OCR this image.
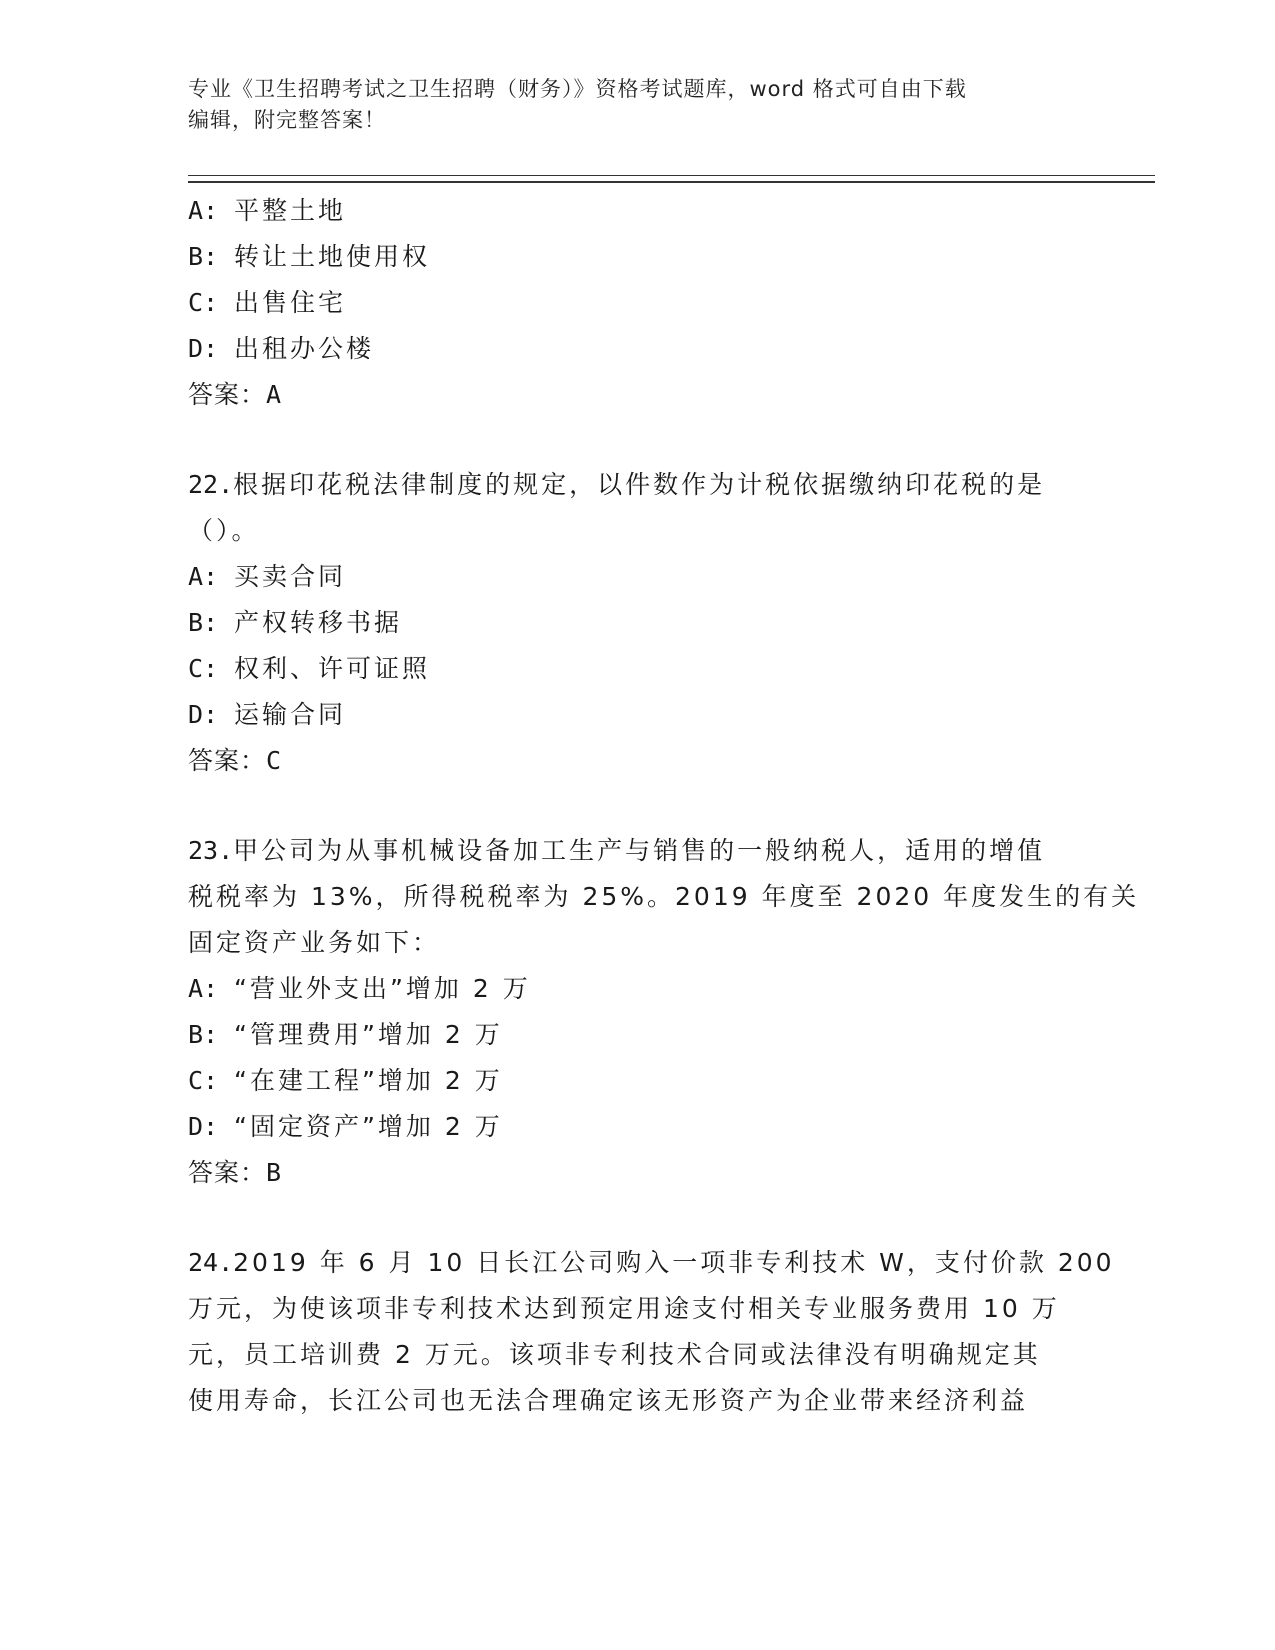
专业《卫生招聘考试之卫生招聘（财务）》资格考试题库，word 格式可自由下载
编辑，附完整答案！
A: 平整土地
B: 转让土地使用权
C: 出售住宅
D: 出租办公楼
答案：A
22.根据印花税法律制度的规定，以件数作为计税依据缴纳印花税的是
（）。
A: 买卖合同
B: 产权转移书据
C: 权利、许可证照
D: 运输合同
答案：C
23.甲公司为从事机械设备加工生产与销售的一般纳税人，适用的增值
税税率为 13%，所得税税率为 25%。2019 年度至 2020 年度发生的有关
固定资产业务如下：
A: “营业外支出”增加 2 万
B: “管理费用”增加 2 万
C: “在建工程”增加 2 万
D: “固定资产”增加 2 万
答案：B
24.2019 年 6 月 10 日长江公司购入一项非专利技术 W，支付价款 200
万元，为使该项非专利技术达到预定用途支付相关专业服务费用 10 万
元，员工培训费 2 万元。该项非专利技术合同或法律没有明确规定其
使用寿命，长江公司也无法合理确定该无形资产为企业带来经济利益
